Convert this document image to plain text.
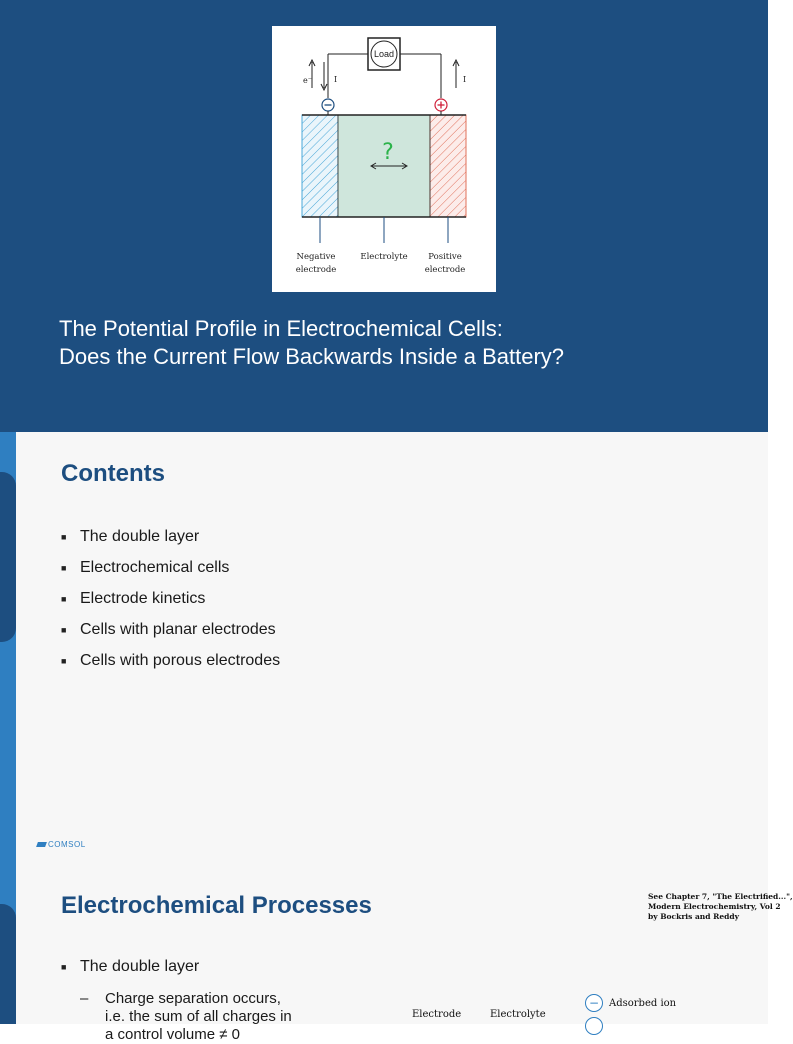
Load
e⁻	I	I
?
Negative
electrode
Electrolyte Positive
electrode
The Potential Profile in Electrochemical Cells:
Does the Current Flow Backwards Inside a Battery?
Contents
■ The double layer
■ Electrochemical cells
■ Electrode kinetics
■ Cells with planar electrodes
■ Cells with porous electrodes
COMSOL
Electrochemical Processes	See Chapter 7, "The Electrified...",
Modern Electrochemistry, Vol 2
by Bockris and Reddy
■ The double layer
–	Charge separation occurs,
i.e. the sum of all charges in
a control volume ≠ 0
Electrode	Electrolyte
− Adsorbed ion
